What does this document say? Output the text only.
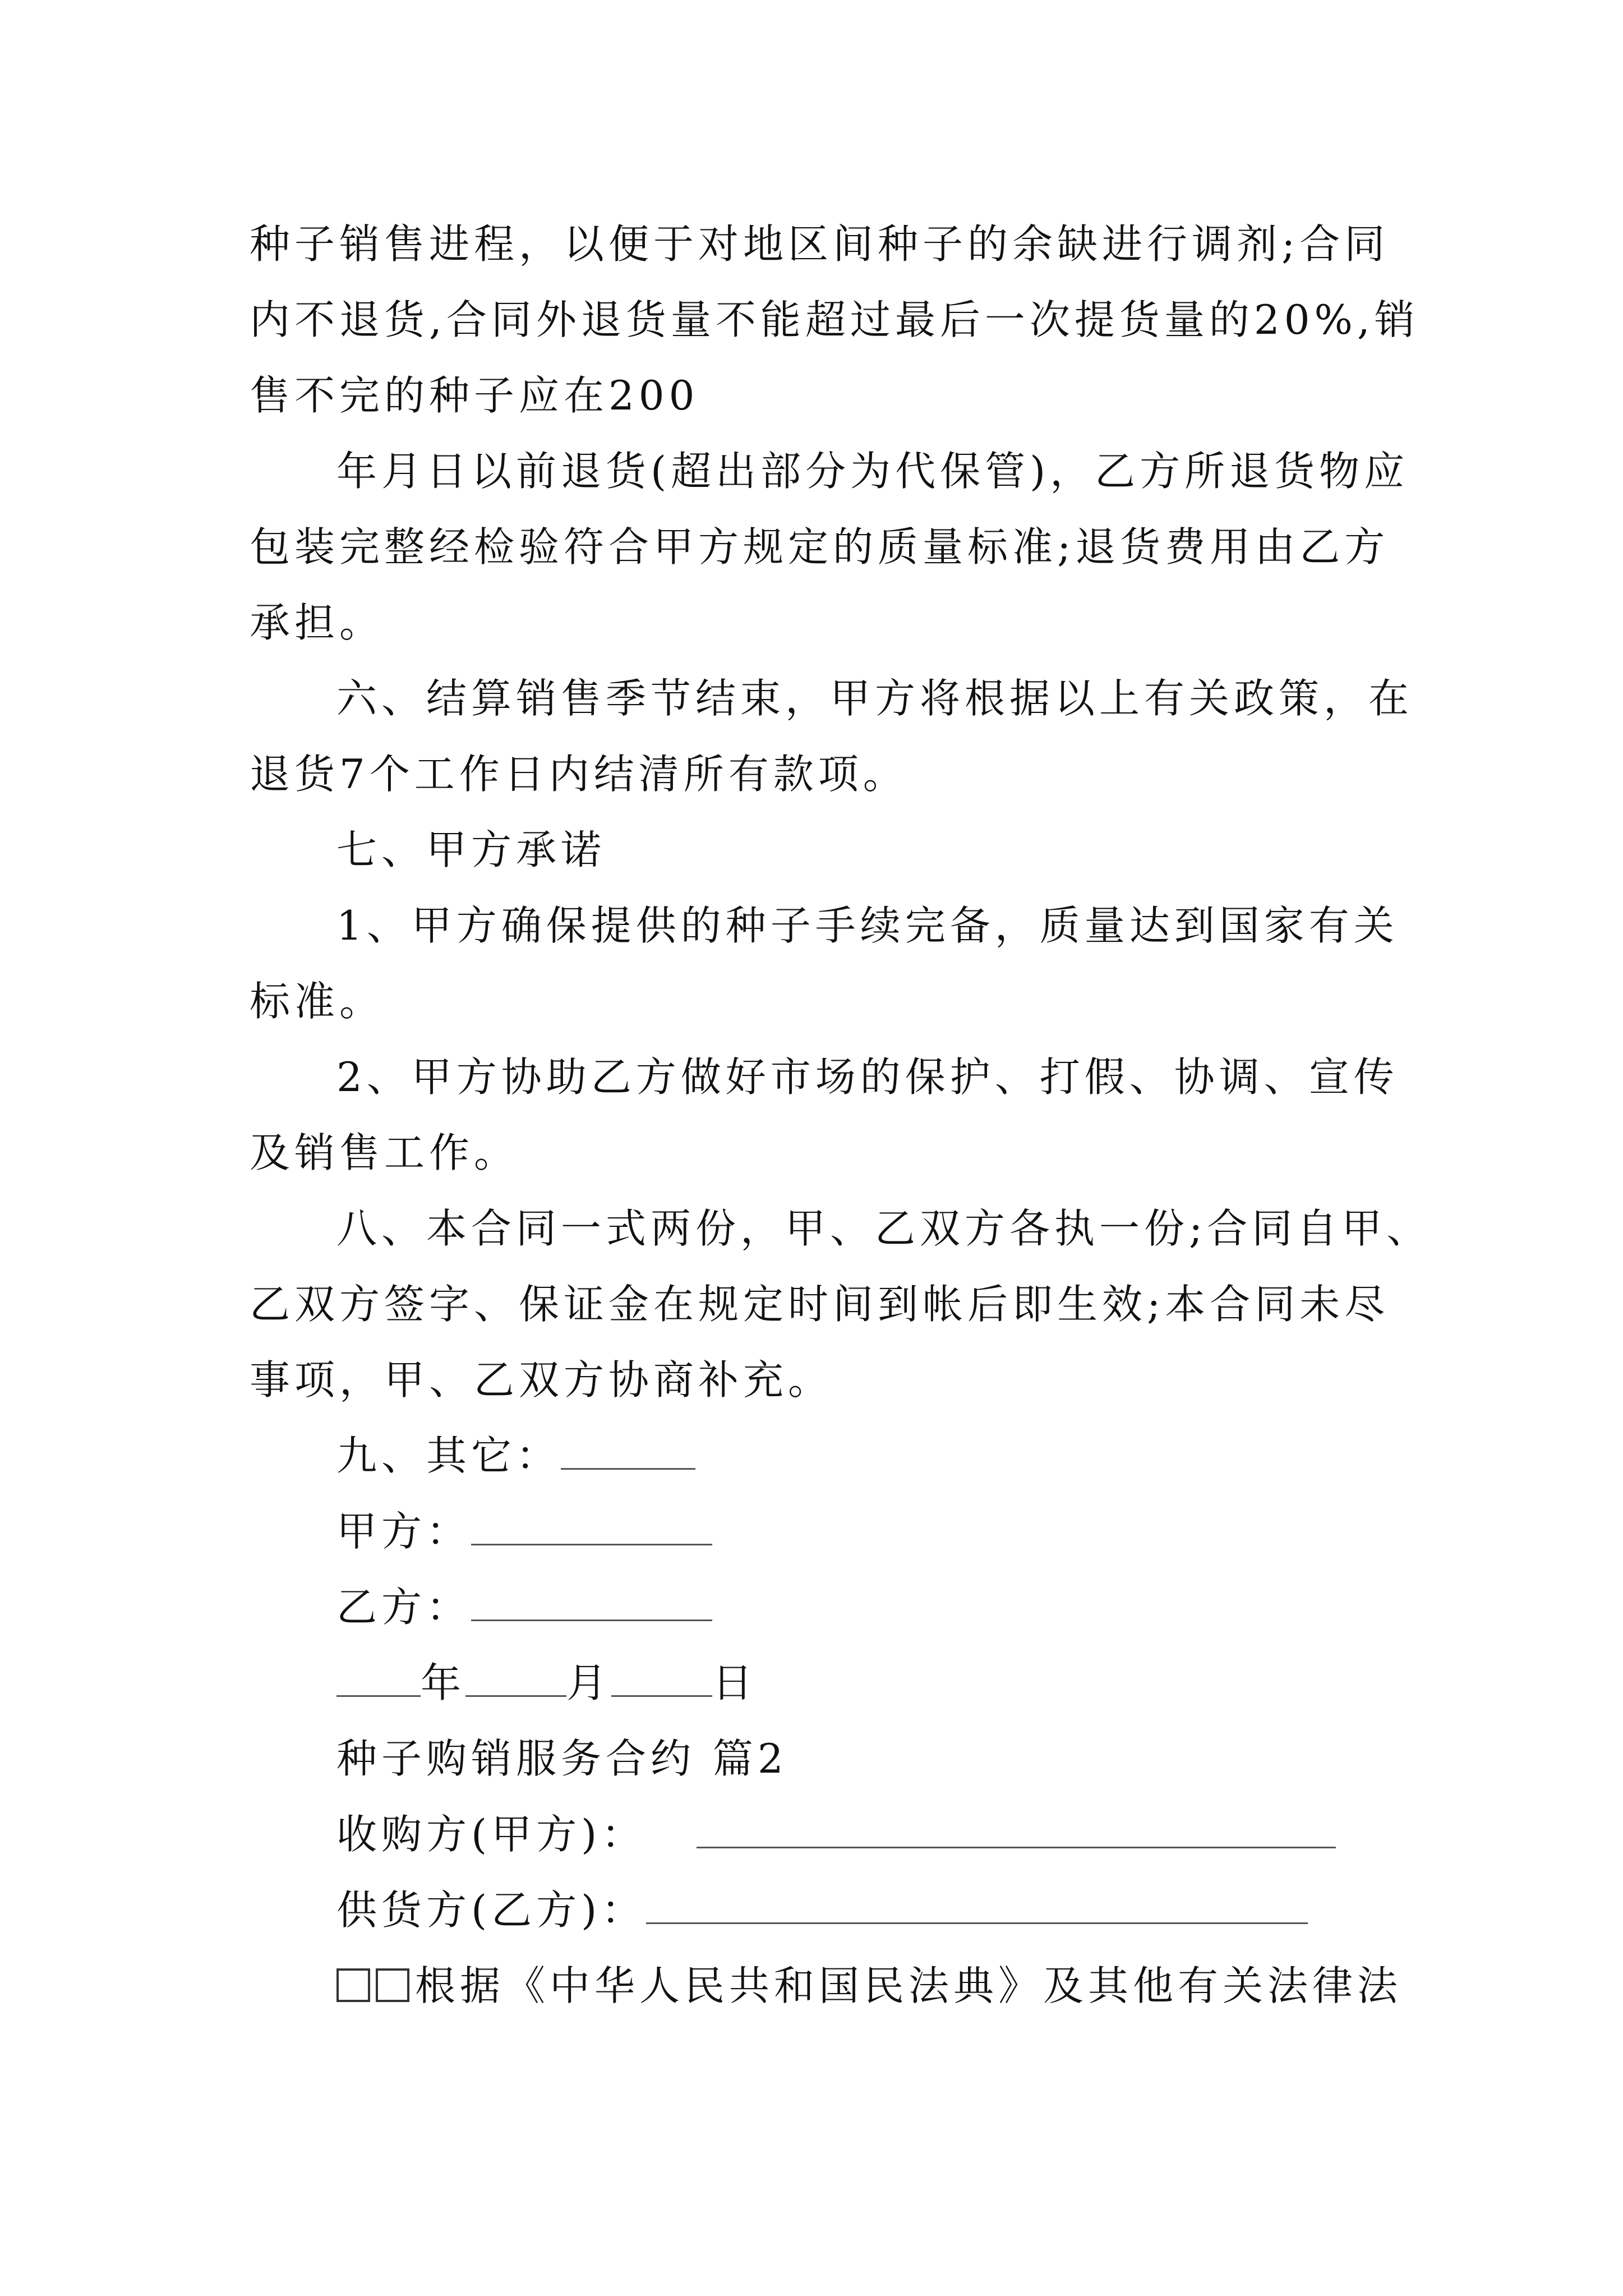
种子销售进程，以便于对地区间种子的余缺进行调剂;合同
内不退货,合同外退货量不能超过最后一次提货量的20%,销
售不完的种子应在200
年月日以前退货(超出部分为代保管)，乙方所退货物应
包装完整经检验符合甲方规定的质量标准;退货费用由乙方
承担。
六、结算销售季节结束，甲方将根据以上有关政策，在
退货7个工作日内结清所有款项。
七、甲方承诺
1、甲方确保提供的种子手续完备，质量达到国家有关
标准。
2、甲方协助乙方做好市场的保护、打假、协调、宣传
及销售工作。
八、本合同一式两份，甲、乙双方各执一份;合同自甲、
乙双方签字、保证金在规定时间到帐后即生效;本合同未尽
事项，甲、乙双方协商补充。
九、其它：
甲方：
乙方：
年	月	日
种子购销服务合约 篇2
收购方(甲方)：
供货方(乙方)：
根据《中华人民共和国民法典》及其他有关法律法
